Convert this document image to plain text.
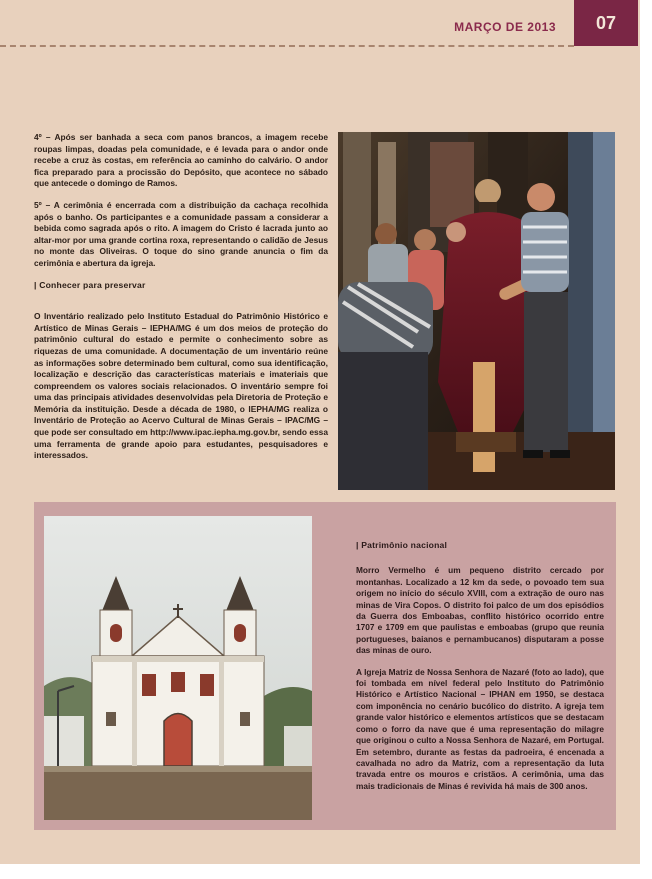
MARÇO DE 2013	07

4º – Após ser banhada a seca com panos brancos, a imagem recebe roupas limpas, doadas pela comunidade, e é levada para o andor onde recebe a cruz às costas, em referência ao caminho do calvário. O andor fica preparado para a procissão do Depósito, que acontece no sábado que antecede o domingo de Ramos.

5º – A cerimônia é encerrada com a distribuição da cachaça recolhida após o banho. Os participantes e a comunidade passam a considerar a bebida como sagrada após o rito. A imagem do Cristo é lacrada junto ao altar-mor por uma grande cortina roxa, representando o calidão de Jesus no monte das Oliveiras. O toque do sino grande anuncia o fim da cerimônia e abertura da igreja.

| Conhecer para preservar

O Inventário realizado pelo Instituto Estadual do Patrimônio Histórico e Artístico de Minas Gerais – IEPHA/MG é um dos meios de proteção do patrimônio cultural do estado e permite o conhecimento sobre as riquezas de uma comunidade. A documentação de um inventário reúne as informações sobre determinado bem cultural, como sua identificação, localização e descrição das características materiais e imateriais que compreendem os valores sociais relacionados. O inventário sempre foi uma das principais atividades desenvolvidas pela Diretoria de Proteção e Memória da instituição. Desde a década de 1980, o IEPHA/MG realiza o Inventário de Proteção ao Acervo Cultural de Minas Gerais – IPAC/MG – que pode ser consultado em http://www.ipac.iepha.mg.gov.br, sendo essa uma ferramenta de grande apoio para estudantes, pesquisadores e interessados.

| Patrimônio nacional

Morro Vermelho é um pequeno distrito cercado por montanhas. Localizado a 12 km da sede, o povoado tem sua origem no início do século XVIII, com a extração de ouro nas minas de Vira Copos. O distrito foi palco de um dos episódios da Guerra dos Emboabas, conflito histórico ocorrido entre 1707 e 1709 em que paulistas e emboabas (grupo que reunia portugueses, baianos e pernambucanos) disputaram a posse das minas de ouro.

A Igreja Matriz de Nossa Senhora de Nazaré (foto ao lado), que foi tombada em nível federal pelo Instituto do Patrimônio Histórico e Artístico Nacional – IPHAN em 1950, se destaca com imponência no cenário bucólico do distrito. A igreja tem grande valor histórico e elementos artísticos que se destacam como o forro da nave que é uma representação do milagre que originou o culto a Nossa Senhora de Nazaré, em Portugal. Em setembro, durante as festas da padroeira, é encenada a cavalhada no adro da Matriz, com a representação da luta travada entre os mouros e cristãos. A cerimônia, uma das mais tradicionais de Minas é revivida há mais de 300 anos.
